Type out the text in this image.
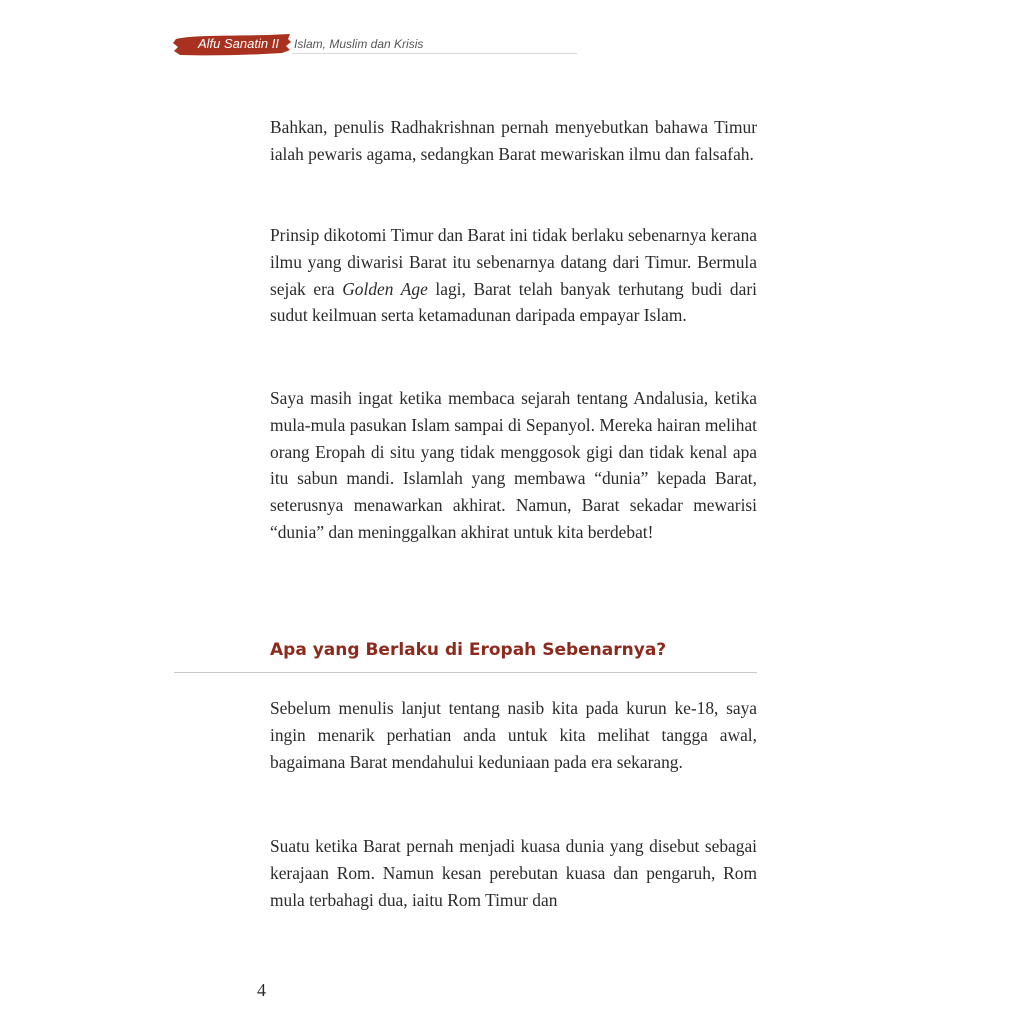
Alfu Sanatin II Islam, Muslim dan Krisis

Bahkan, penulis Radhakrishnan pernah menyebutkan bahawa Timur ialah pewaris agama, sedangkan Barat mewariskan ilmu dan falsafah.

Prinsip dikotomi Timur dan Barat ini tidak berlaku sebenarnya kerana ilmu yang diwarisi Barat itu sebenarnya datang dari Timur. Bermula sejak era Golden Age lagi, Barat telah banyak terhutang budi dari sudut keilmuan serta ketamadunan daripada empayar Islam.

Saya masih ingat ketika membaca sejarah tentang Andalusia, ketika mula-mula pasukan Islam sampai di Sepanyol. Mereka hairan melihat orang Eropah di situ yang tidak menggosok gigi dan tidak kenal apa itu sabun mandi. Islamlah yang membawa “dunia” kepada Barat, seterusnya menawarkan akhirat. Namun, Barat sekadar mewarisi “dunia” dan meninggalkan akhirat untuk kita berdebat!

Apa yang Berlaku di Eropah Sebenarnya?

Sebelum menulis lanjut tentang nasib kita pada kurun ke-18, saya ingin menarik perhatian anda untuk kita melihat tangga awal, bagaimana Barat mendahului keduniaan pada era sekarang.

Suatu ketika Barat pernah menjadi kuasa dunia yang disebut sebagai kerajaan Rom. Namun kesan perebutan kuasa dan pengaruh, Rom mula terbahagi dua, iaitu Rom Timur dan

4
